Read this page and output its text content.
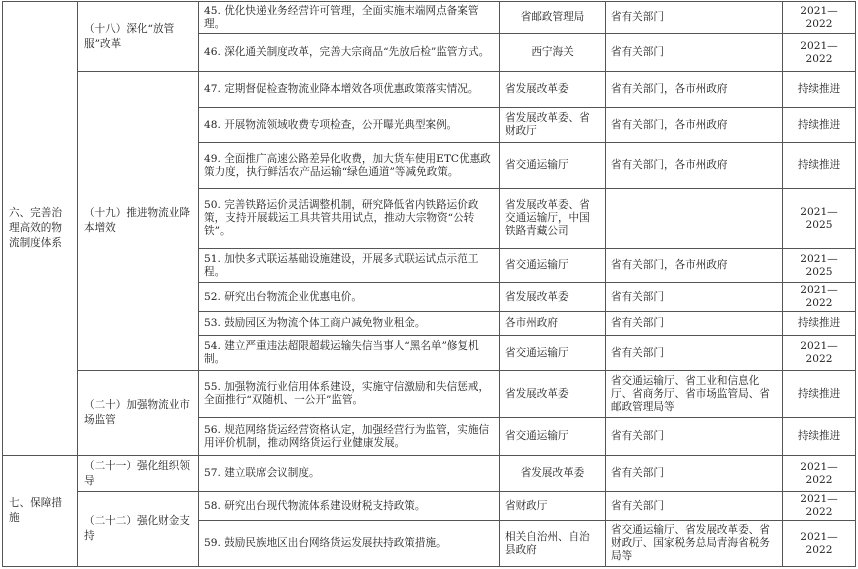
六、完善治理高效的物流制度体系	（十八）深化“放管服”改革	45. 优化快递业务经营许可管理，全面实施末端网点备案管理。	省邮政管理局	省有关部门	2021—2022
		46. 深化通关制度改革，完善大宗商品“先放后检”监管方式。	西宁海关	省有关部门	2021—2022
	（十九）推进物流业降本增效	47. 定期督促检查物流业降本增效各项优惠政策落实情况。	省发展改革委	省有关部门，各市州政府	持续推进
		48. 开展物流领域收费专项检查，公开曝光典型案例。	省发展改革委、省财政厅	省有关部门，各市州政府	持续推进
		49. 全面推广高速公路差异化收费，加大货车使用ETC优惠政策力度，执行鲜活农产品运输“绿色通道”等减免政策。	省交通运输厅	省有关部门，各市州政府	持续推进
		50. 完善铁路运价灵活调整机制，研究降低省内铁路运价政策，支持开展载运工具共管共用试点，推动大宗物资“公转铁”。	省发展改革委、省交通运输厅，中国铁路青藏公司		2021—2025
		51. 加快多式联运基础设施建设，开展多式联运试点示范工程。	省交通运输厅	省有关部门，各市州政府	2021—2025
		52. 研究出台物流企业优惠电价。	省发展改革委	省有关部门	2021—2022
		53. 鼓励园区为物流个体工商户减免物业租金。	各市州政府	省有关部门	持续推进
		54. 建立严重违法超限超载运输失信当事人“黑名单”修复机制。	省交通运输厅	省有关部门	2021—2022
	（二十）加强物流业市场监管	55. 加强物流行业信用体系建设，实施守信激励和失信惩戒，全面推行“双随机、一公开”监管。	省发展改革委	省交通运输厅、省工业和信息化厅、省商务厅、省市场监管局、省邮政管理局等	持续推进
		56. 规范网络货运经营资格认定，加强经营行为监管，实施信用评价机制，推动网络货运行业健康发展。	省交通运输厅	省有关部门	持续推进
七、保障措施	（二十一）强化组织领导	57. 建立联席会议制度。	省发展改革委	省有关部门	2021—2022
	（二十二）强化财金支持	58. 研究出台现代物流体系建设财税支持政策。	省财政厅	省有关部门	2021—2022
		59. 鼓励民族地区出台网络货运发展扶持政策措施。	相关自治州、自治县政府	省交通运输厅、省发展改革委、省财政厅、国家税务总局青海省税务局等	2021—2022
